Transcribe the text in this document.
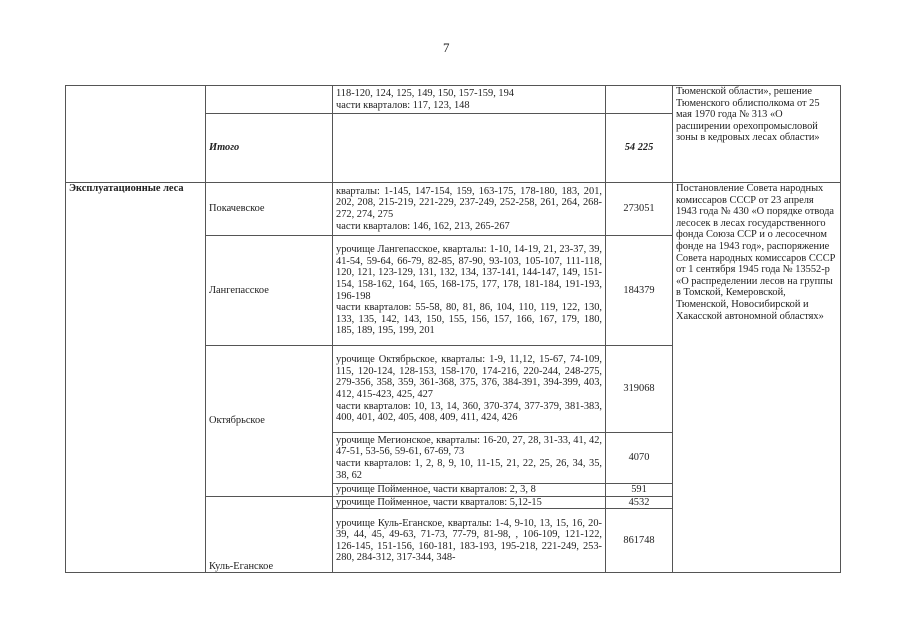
7

		118-120, 124, 125, 149, 150, 157-159, 194
части кварталов: 117, 123, 148		Тюменской области», решение Тюменского облисполкома от 25 мая 1970 года № 313 «О расширении орехопромысловой зоны в кедровых лесах области»
	Итого		54 225	
Эксплуатационные леса	Покачевское	кварталы: 1-145, 147-154, 159, 163-175, 178-180, 183, 201, 202, 208, 215-219, 221-229, 237-249, 252-258, 261, 264, 268-272, 274, 275
части кварталов: 146, 162, 213, 265-267	273051	Постановление Совета народных комиссаров СССР от 23 апреля 1943 года № 430 «О порядке отвода лесосек в лесах государственного фонда Союза ССР и о лесосечном фонде на 1943 год», распоряжение Совета народных комиссаров СССР от 1 сентября 1945 года № 13552-р «О распределении лесов на группы в Томской, Кемеровской, Тюменской, Новосибирской и Хакасской автономной областях»
	Лангепасское	урочище Лангепасское, кварталы: 1-10, 14-19, 21, 23-37, 39, 41-54, 59-64, 66-79, 82-85, 87-90, 93-103, 105-107, 111-118, 120, 121, 123-129, 131, 132, 134, 137-141, 144-147, 149, 151-154, 158-162, 164, 165, 168-175, 177, 178, 181-184, 191-193, 196-198
части кварталов: 55-58, 80, 81, 86, 104, 110, 119, 122, 130, 133, 135, 142, 143, 150, 155, 156, 157, 166, 167, 179, 180, 185, 189, 195, 199, 201	184379	
	Октябрьское	урочище Октябрьское, кварталы: 1-9, 11,12, 15-67, 74-109, 115, 120-124, 128-153, 158-170, 174-216, 220-244, 248-275, 279-356, 358, 359, 361-368, 375, 376, 384-391, 394-399, 403, 412, 415-423, 425, 427
части кварталов: 10, 13, 14, 360, 370-374, 377-379, 381-383, 400, 401, 402, 405, 408, 409, 411, 424, 426	319068	

		урочище Мегионское, кварталы: 16-20, 27, 28, 31-33, 41, 42, 47-51, 53-56, 59-61, 67-69, 73
части кварталов: 1, 2, 8, 9, 10, 11-15, 21, 22, 25, 26, 34, 35, 38, 62	4070	
		урочище Пойменное, части кварталов: 2, 3, 8	591	
	Куль-Еганское	урочище Пойменное, части кварталов: 5,12-15	4532	
		урочище Куль-Еганское, кварталы: 1-4, 9-10, 13, 15, 16, 20-39, 44, 45, 49-63, 71-73, 77-79, 81-98, , 106-109, 121-122, 126-145, 151-156, 160-181, 183-193, 195-218, 221-249, 253-280, 284-312, 317-344, 348-	861748	
